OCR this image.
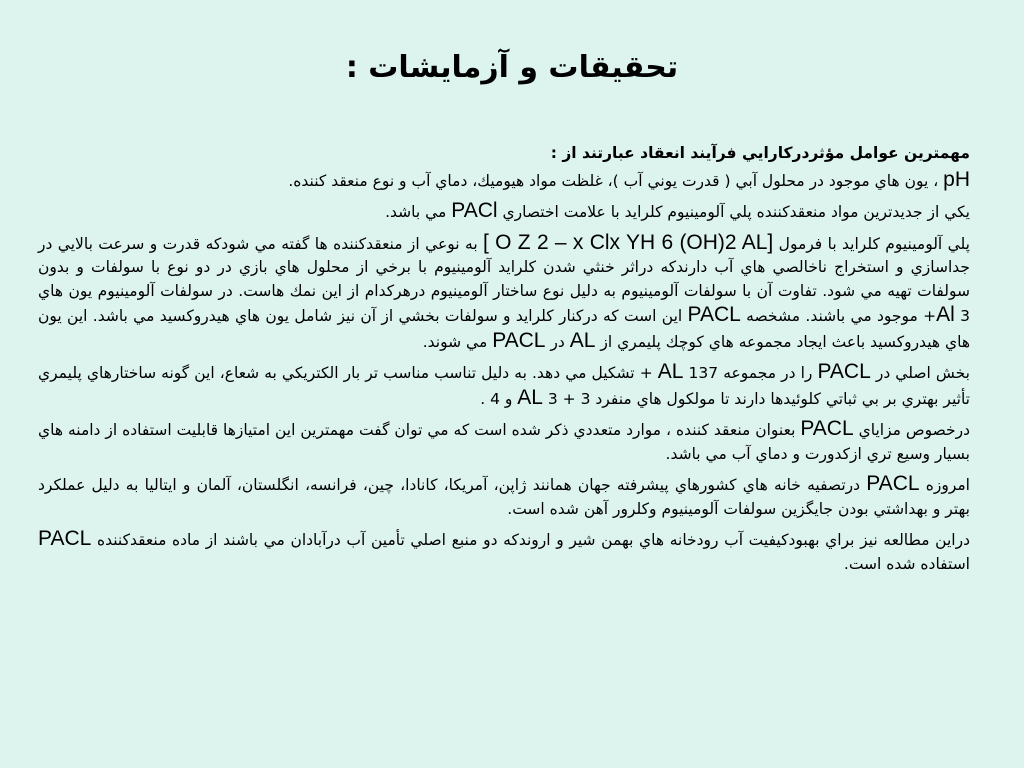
تحقيقات و آزمايشات :

مهمترين عوامل مؤثردركارايي فرآيند انعقاد عبارتند از :

pH ، يون هاي موجود در محلول آبي ( قدرت يوني آب )، غلظت مواد هيوميك، دماي آب و نوع منعقد كننده.

يكي از جديدترين مواد منعقدكننده پلي آلومينيوم كلرايد با علامت اختصاري PACl مي باشد.

پلي آلومينيوم كلرايد با فرمول [ O Z 2 – x Clx YH 6 (OH)2 AL] به نوعي از منعقدكننده ها گفته مي شودكه قدرت و سرعت بالايي در جداسازي و استخراج ناخالصي هاي آب دارندكه دراثر خنثي شدن كلرايد آلومينيوم با برخي از محلول هاي بازي در دو نوع با سولفات و بدون سولفات تهيه مي شود. تفاوت آن با سولفات آلومينيوم به دليل نوع ساختار آلومينيوم درهركدام از اين نمك هاست. در سولفات آلومينيوم يون هاي Al 3+ موجود مي باشند. مشخصه PACL اين است كه دركنار كلرايد و سولفات بخشي از آن نيز شامل يون هاي هيدروكسيد مي باشد. اين يون هاي هيدروكسيد باعث ايجاد مجموعه هاي كوچك پليمري از AL در PACL مي شوند.

بخش اصلي در PACL را در مجموعه AL 137 + تشكيل مي دهد. به دليل تناسب مناسب تر بار الكتريكي به شعاع، اين گونه ساختارهاي پليمري تأثير بهتري بر بي ثباتي كلوئيدها دارند تا مولكول هاي منفرد AL 3 + 3 و 4 .

درخصوص مزاياي PACL بعنوان منعقد كننده ، موارد متعددي ذكر شده است كه مي توان گفت مهمترين اين امتيازها قابليت استفاده از دامنه هاي بسيار وسيع تري ازكدورت و دماي آب مي باشد.

امروزه PACL درتصفيه خانه هاي كشورهاي پيشرفته جهان همانند ژاپن، آمريكا، كانادا، چين، فرانسه، انگلستان، آلمان و ايتاليا به دليل عملكرد بهتر و بهداشتي بودن جايگزين سولفات آلومينيوم وكلرور آهن شده است.

دراين مطالعه نيز براي بهبودكيفيت آب رودخانه هاي بهمن شير و اروندكه دو منبع اصلي تأمين آب درآبادان مي باشند از ماده منعقدكننده PACL استفاده شده است.
